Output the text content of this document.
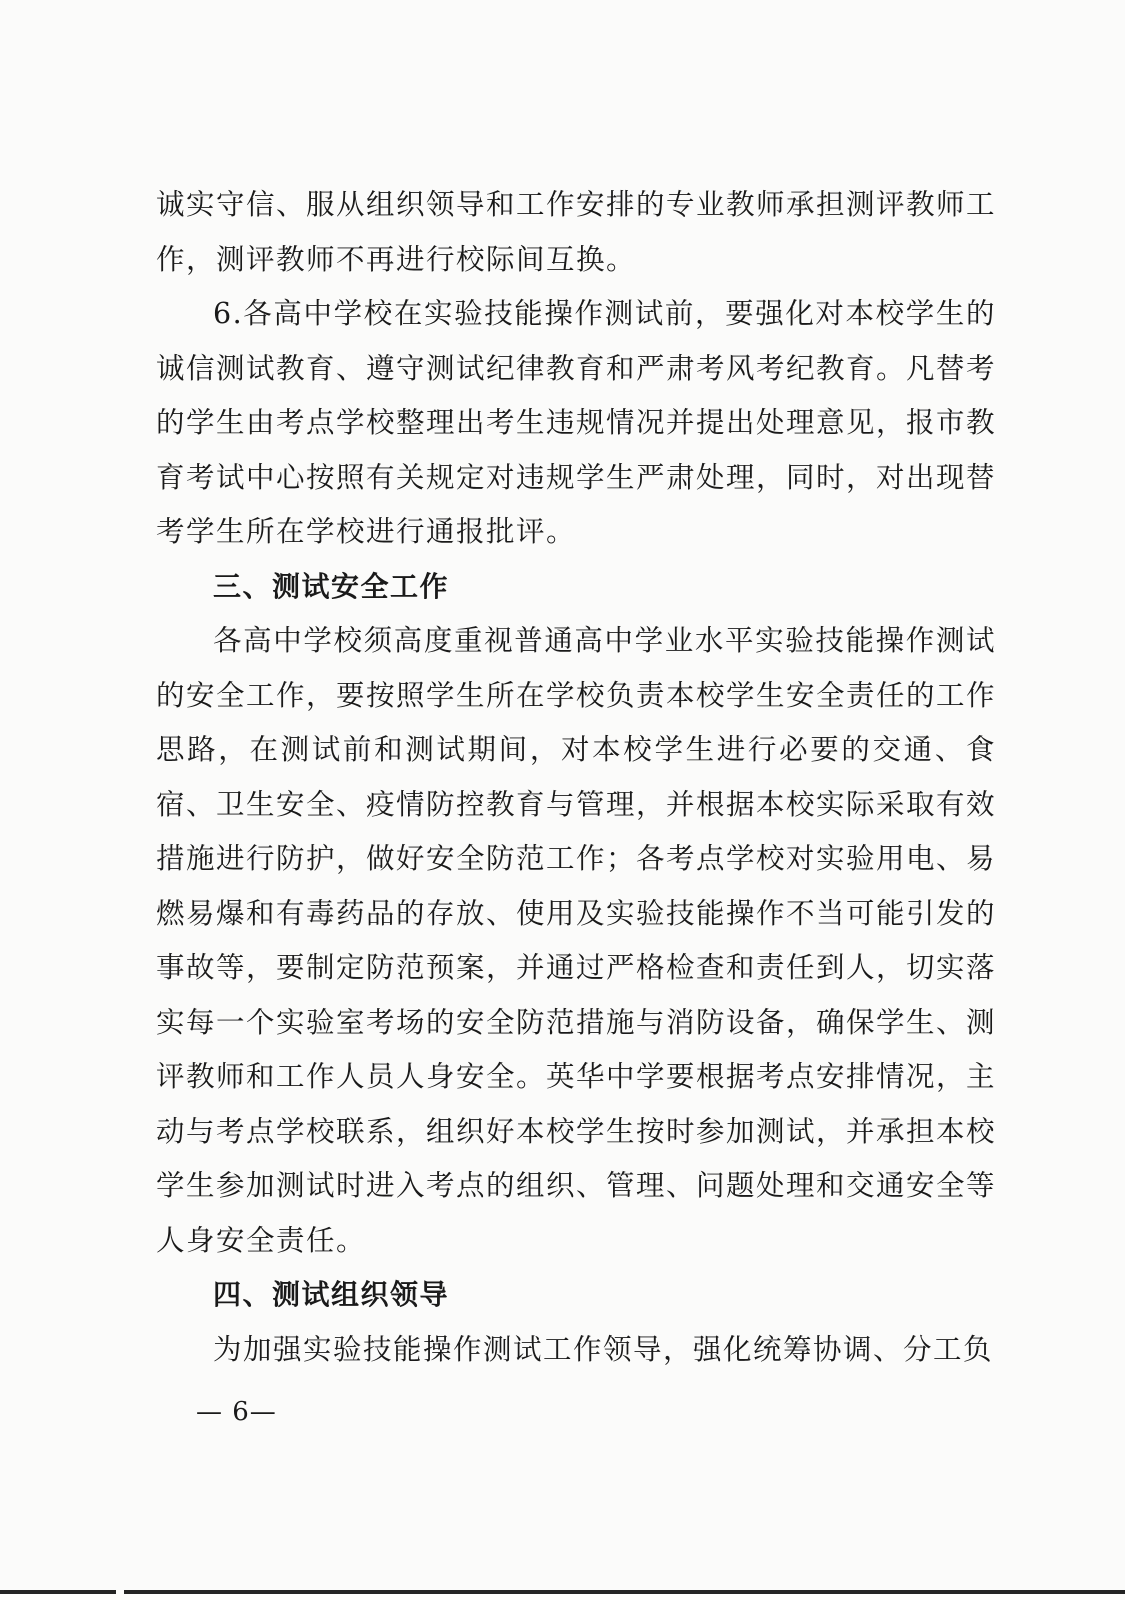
诚实守信、服从组织领导和工作安排的专业教师承担测评教师工作，测评教师不再进行校际间互换。

6.各高中学校在实验技能操作测试前，要强化对本校学生的诚信测试教育、遵守测试纪律教育和严肃考风考纪教育。凡替考的学生由考点学校整理出考生违规情况并提出处理意见，报市教育考试中心按照有关规定对违规学生严肃处理，同时，对出现替考学生所在学校进行通报批评。

三、测试安全工作

各高中学校须高度重视普通高中学业水平实验技能操作测试的安全工作，要按照学生所在学校负责本校学生安全责任的工作思路，在测试前和测试期间，对本校学生进行必要的交通、食宿、卫生安全、疫情防控教育与管理，并根据本校实际采取有效措施进行防护，做好安全防范工作；各考点学校对实验用电、易燃易爆和有毒药品的存放、使用及实验技能操作不当可能引发的事故等，要制定防范预案，并通过严格检查和责任到人，切实落实每一个实验室考场的安全防范措施与消防设备，确保学生、测评教师和工作人员人身安全。英华中学要根据考点安排情况，主动与考点学校联系，组织好本校学生按时参加测试，并承担本校学生参加测试时进入考点的组织、管理、问题处理和交通安全等人身安全责任。

四、测试组织领导

为加强实验技能操作测试工作领导，强化统筹协调、分工负

— 6—
